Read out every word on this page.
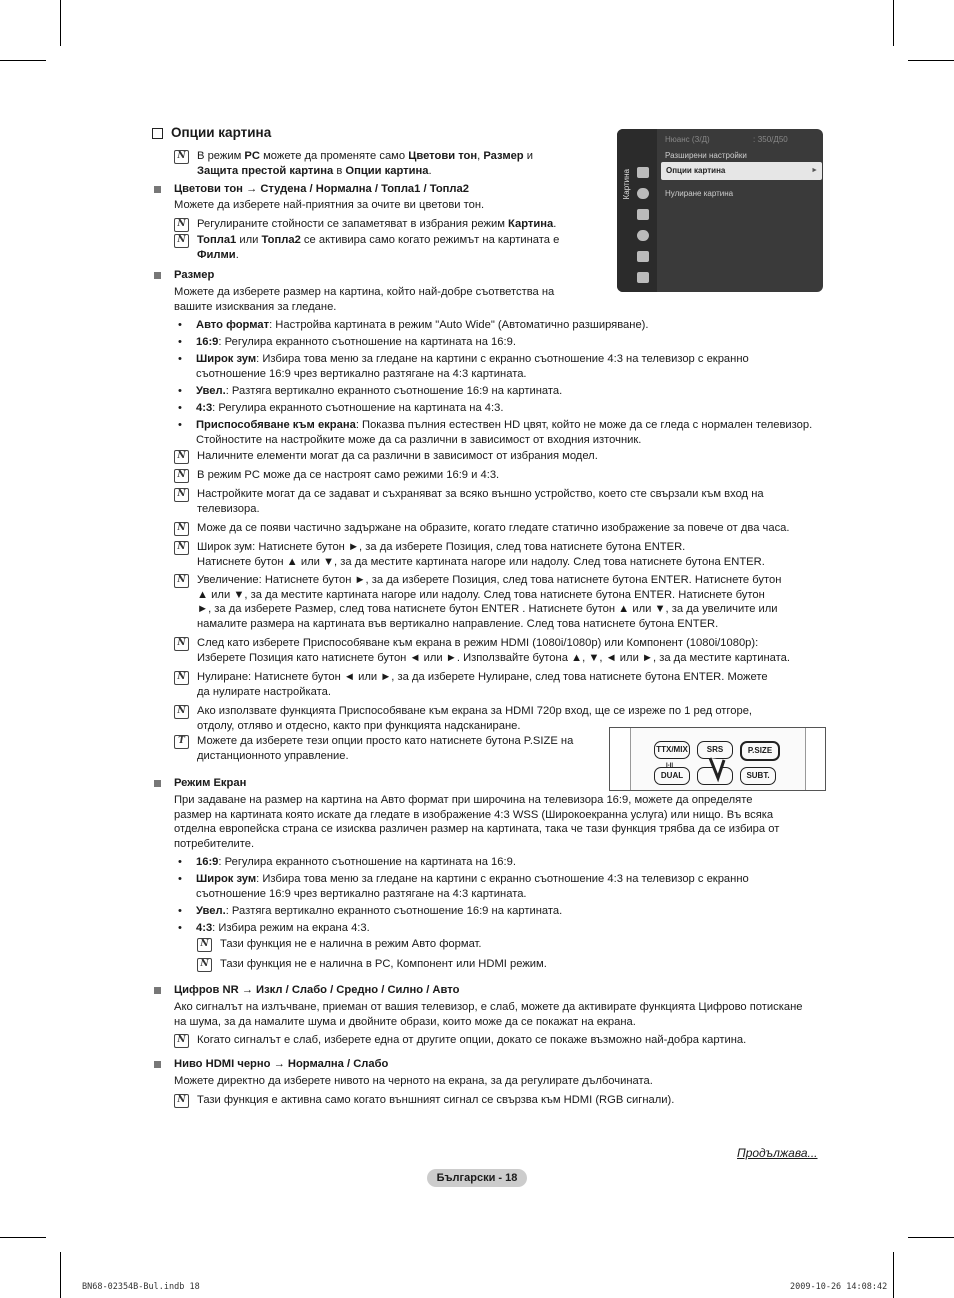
Опции картина
N	В режим PC можете да променяте само Цветови тон, Размер и
Защита престой картина в Опции картина.	Картина
Нюанс (З/Д)	: З50/Д50
Разширени настройки
Опции картина	►
Нулиране картина
Цветови тон → Студена / Нормална / Топла1 / Топла2
Можете да изберете най-приятния за очите ви цветови тон.
N	Регулираните стойности се запаметяват в избрания режим Картина.
N	Топла1 или Топла2 се активира само когато режимът на картината е
Филми.
Размер
Можете да изберете размер на картина, който най-добре съответства на
вашите изисквания за гледане.
• Авто формат: Настройва картината в режим "Auto Wide" (Автоматично разширяване).
• 16:9: Регулира екранното съотношение на картината на 16:9.
• Широк зум: Избира това меню за гледане на картини с екранно съотношение 4:3 на телевизор с екранно
съотношение 16:9 чрез вертикално разтягане на 4:3 картината.
• Увел.: Разтяга вертикално екранното съотношение 16:9 на картината.
• 4:3: Регулира екранното съотношение на картината на 4:3.
• Приспособяване към екрана: Показва пълния естествен HD цвят, който не може да се гледа с нормален телевизор.
Стойностите на настройките може да са различни в зависимост от входния източник.
N	Наличните елементи могат да са различни в зависимост от избрания модел.
N	В режим PC може да се настроят само режими 16:9 и 4:3.
N	Настройките могат да се задават и съхраняват за всяко външно устройство, което сте свързали към вход на
телевизора.
N	Може да се появи частично задържане на образите, когато гледате статично изображение за повече от два часа.
N	Широк зум: Натиснете бутон ►, за да изберете Позиция, след това натиснете бутона ENTER.
Натиснете бутон ▲ или ▼, за да местите картината нагоре или надолу. След това натиснете бутона ENTER.
N	Увеличение: Натиснете бутон ►, за да изберете Позиция, след това натиснете бутона ENTER. Натиснете бутон
▲ или ▼, за да местите картината нагоре или надолу. След това натиснете бутона ENTER. Натиснете бутон
►, за да изберете Размер, след това натиснете бутон ENTER . Натиснете бутон ▲ или ▼, за да увеличите или
намалите размера на картината във вертикално направление. След това натиснете бутона ENTER.
N	След като изберете Приспособяване към екрана в режим HDMI (1080i/1080p) или Компонент (1080i/1080p):
Изберете Позиция като натиснете бутон ◄ или ►. Използвайте бутона ▲, ▼, ◄ или ►, за да местите картината.
N	Нулиране: Натиснете бутон ◄ или ►, за да изберете Нулиране, след това натиснете бутона ENTER. Можете
да нулирате настройката.
N	Ако използвате функцията Приспособяване към екрана за HDMI 720p вход, ще се изреже по 1 ред отгоре,
отдолу, отляво и отдесно, както при функцията надсканиране.
T	Можете да изберете тези опции просто като натиснете бутона P.SIZE на
дистанционното управление.	TTX/MIX	SRS	P.SIZE
I-II
DUAL	SUBT.
Режим Екран
При задаване на размер на картина на Авто формат при широчина на телевизора 16:9, можете да определяте
размер на картината която искате да гледате в изображение 4:3 WSS (Широкоекранна услуга) или нищо. Въ всяка
отделна европейска страна се изисква различен размер на картината, така че тази функция трябва да се избира от
потребителите.
• 16:9: Регулира екранното съотношение на картината на 16:9.
• Широк зум: Избира това меню за гледане на картини с екранно съотношение 4:3 на телевизор с екранно
съотношение 16:9 чрез вертикално разтягане на 4:3 картината.
• Увел.: Разтяга вертикално екранното съотношение 16:9 на картината.
• 4:3: Избира режим на екрана 4:3.
N	Тази функция не е налична в режим Авто формат.
N	Тази функция не е налична в PC, Компонент или HDMI режим.
Цифров NR → Изкл / Слабо / Средно / Силно / Авто
Ако сигналът на излъчване, приеман от вашия телевизор, е слаб, можете да активирате функцията Цифрово потискане
на шума, за да намалите шума и двойните образи, които може да се покажат на екрана.
N	Когато сигналът е слаб, изберете една от другите опции, докато се покаже възможно най-добра картина.
Ниво HDMI черно → Нормална / Слабо
Можете директно да изберете нивото на черното на екрана, за да регулирате дълбочината.
N	Тази функция е активна само когато външният сигнал се свързва към HDMI (RGB сигнали).
Продължава...
Български - 18
BN68-02354B-Bul.indb 18	2009-10-26 14:08:42
